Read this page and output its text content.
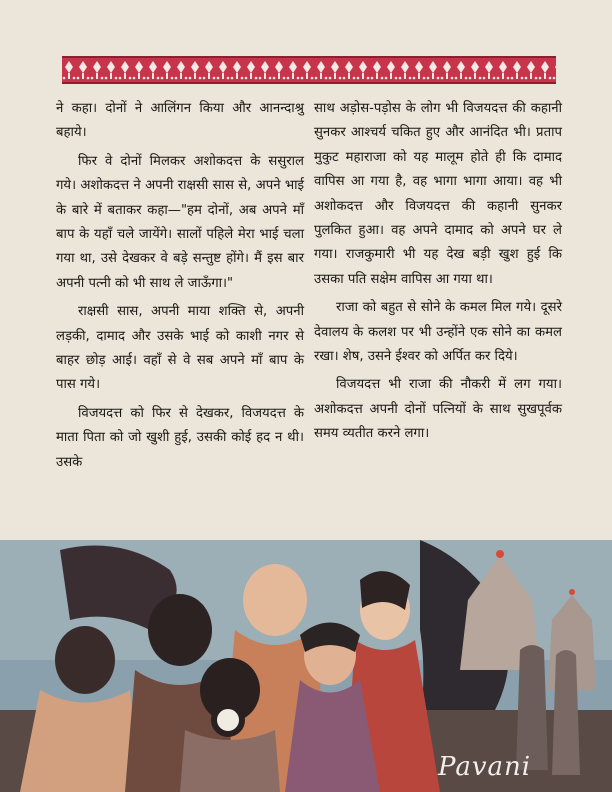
ने कहा। दोनों ने आलिंगन किया और आनन्दाश्रु बहाये।

फिर वे दोनों मिलकर अशोकदत्त के ससुराल गये। अशोकदत्त ने अपनी राक्षसी सास से, अपने भाई के बारे में बताकर कहा—"हम दोनों, अब अपने माँ बाप के यहाँ चले जायेंगे। सालों पहिले मेरा भाई चला गया था, उसे देखकर वे बड़े सन्तुष्ट होंगे। मैं इस बार अपनी पत्नी को भी साथ ले जाऊँगा।"

राक्षसी सास, अपनी माया शक्ति से, अपनी लड़की, दामाद और उसके भाई को काशी नगर से बाहर छोड़ आई। वहाँ से वे सब अपने माँ बाप के पास गये।

विजयदत्त को फिर से देखकर, विजयदत्त के माता पिता को जो खुशी हुई, उसकी कोई हद न थी। उसके

साथ अड़ोस-पड़ोस के लोग भी विजयदत्त की कहानी सुनकर आश्चर्य चकित हुए और आनंदित भी। प्रताप मुकुट महाराजा को यह मालूम होते ही कि दामाद वापिस आ गया है, वह भागा भागा आया। वह भी अशोकदत्त और विजयदत्त की कहानी सुनकर पुलकित हुआ। वह अपने दामाद को अपने घर ले गया। राजकुमारी भी यह देख बड़ी खुश हुई कि उसका पति सक्षेम वापिस आ गया था।

राजा को बहुत से सोने के कमल मिल गये। दूसरे देवालय के कलश पर भी उन्होंने एक सोने का कमल रखा। शेष, उसने ईश्वर को अर्पित कर दिये।

विजयदत्त भी राजा की नौकरी में लग गया। अशोकदत्त अपनी दोनों पत्नियों के साथ सुखपूर्वक समय व्यतीत करने लगा।

Pavani
